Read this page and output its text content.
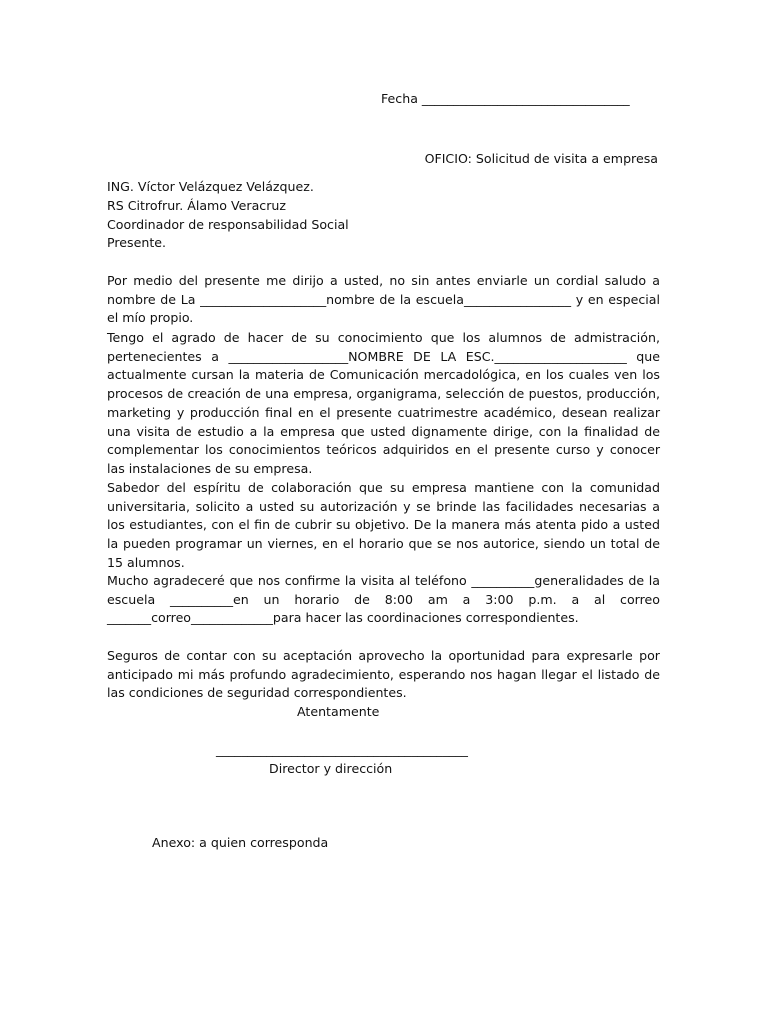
Fecha _________________________________
OFICIO: Solicitud de visita a empresa
ING. Víctor Velázquez Velázquez.
RS Citrofrur. Álamo Veracruz
Coordinador de responsabilidad Social
Presente.

Por medio del presente me dirijo a usted, no sin antes enviarle un cordial saludo a nombre de La ____________________nombre de la escuela_________________ y en especial el mío propio.

Tengo el agrado de hacer de su conocimiento que los alumnos de admistración, pertenecientes a ___________________NOMBRE DE LA ESC._____________________ que actualmente cursan la materia de Comunicación mercadológica, en los cuales ven los procesos de creación de una empresa, organigrama, selección de puestos, producción, marketing y producción final en el presente cuatrimestre académico, desean realizar una visita de estudio a la empresa que usted dignamente dirige, con la finalidad de complementar los conocimientos teóricos adquiridos en el presente curso y conocer las instalaciones de su empresa.

Sabedor del espíritu de colaboración que su empresa mantiene con la comunidad universitaria, solicito a usted su autorización y se brinde las facilidades necesarias a los estudiantes, con el fin de cubrir su objetivo. De la manera más atenta pido a usted la pueden programar un viernes, en el horario que se nos autorice, siendo un total de 15 alumnos.

Mucho agradeceré que nos confirme la visita al teléfono __________generalidades de la escuela __________en un horario de 8:00 am a 3:00 p.m. a al correo _______correo_____________para hacer las coordinaciones correspondientes.

Seguros de contar con su aceptación aprovecho la oportunidad para expresarle por anticipado mi más profundo agradecimiento, esperando nos hagan llegar el listado de las condiciones de seguridad correspondientes.

Atentamente
________________________________________
Director y dirección
Anexo: a quien corresponda
